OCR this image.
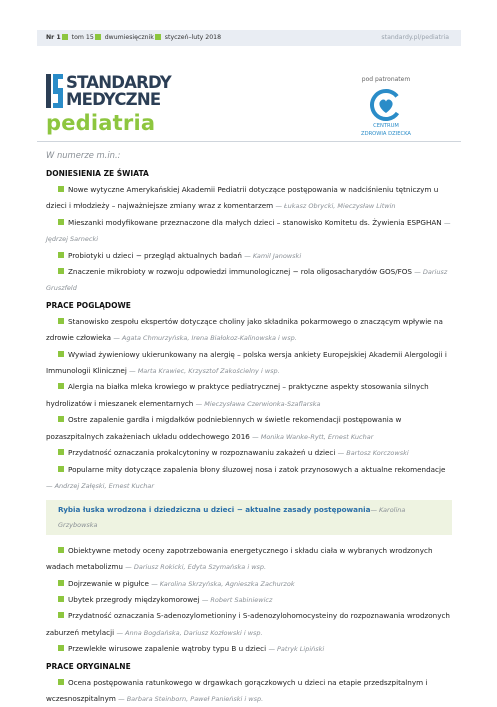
Nr 1 tom 15 dwumiesięcznik styczeń–luty 2018	standardy.pl/pediatria
STANDARDY
MEDYCZNE
pediatria
pod patronatem
CENTRUM
ZDROWIA DZIECKA
W numerze m.in.:
DONIESIENIA ZE ŚWIATA

Nowe wytyczne Amerykańskiej Akademii Pediatrii dotyczące postępowania w nadciśnieniu tętniczym u dzieci i młodzieży – najważniejsze zmiany wraz z komentarzem — Łukasz Obrycki, Mieczysław Litwin

Mieszanki modyfikowane przeznaczone dla małych dzieci – stanowisko Komitetu ds. Żywienia ESPGHAN — Jędrzej Sarnecki

Probiotyki u dzieci − przegląd aktualnych badań — Kamil Janowski

Znaczenie mikrobioty w rozwoju odpowiedzi immunologicznej − rola oligosacharydów GOS/FOS — Dariusz Gruszfeld

PRACE POGLĄDOWE

Stanowisko zespołu ekspertów dotyczące choliny jako składnika pokarmowego o znaczącym wpływie na zdrowie człowieka — Agata Chmurzyńska, Irena Białokoz-Kalinowska i wsp.

Wywiad żywieniowy ukierunkowany na alergię – polska wersja ankiety Europejskiej Akademii Alergologii i Immunologii Klinicznej — Marta Krawiec, Krzysztof Zakościelny i wsp.

Alergia na białka mleka krowiego w praktyce pediatrycznej – praktyczne aspekty stosowania silnych hydrolizatów i mieszanek elementarnych — Mieczysława Czerwionka-Szaflarska

Ostre zapalenie gardła i migdałków podniebiennych w świetle rekomendacji postępowania w pozaszpitalnych zakażeniach układu oddechowego 2016 — Monika Wanke-Rytt, Ernest Kuchar

Przydatność oznaczania prokalcytoniny w rozpoznawaniu zakażeń u dzieci — Bartosz Korczowski

Popularne mity dotyczące zapalenia błony śluzowej nosa i zatok przynosowych a aktualne rekomendacje — Andrzej Załęski, Ernest Kuchar

Rybia łuska wrodzona i dziedziczna u dzieci − aktualne zasady postępowania— Karolina Grzybowska

Obiektywne metody oceny zapotrzebowania energetycznego i składu ciała w wybranych wrodzonych wadach metabolizmu — Dariusz Rokicki, Edyta Szymańska i wsp.

Dojrzewanie w pigułce — Karolina Skrzyńska, Agnieszka Zachurzok

Ubytek przegrody międzykomorowej — Robert Sabiniewicz

Przydatność oznaczania S-adenozylometioniny i S-adenozylohomocysteiny do rozpoznawania wrodzonych zaburzeń metylacji — Anna Bogdańska, Dariusz Kozłowski i wsp.

Przewlekłe wirusowe zapalenie wątroby typu B u dzieci — Patryk Lipiński

PRACE ORYGINALNE

Ocena postępowania ratunkowego w drgawkach gorączkowych u dzieci na etapie przedszpitalnym i wczesnoszpitalnym — Barbara Steinborn, Paweł Panieński i wsp.
